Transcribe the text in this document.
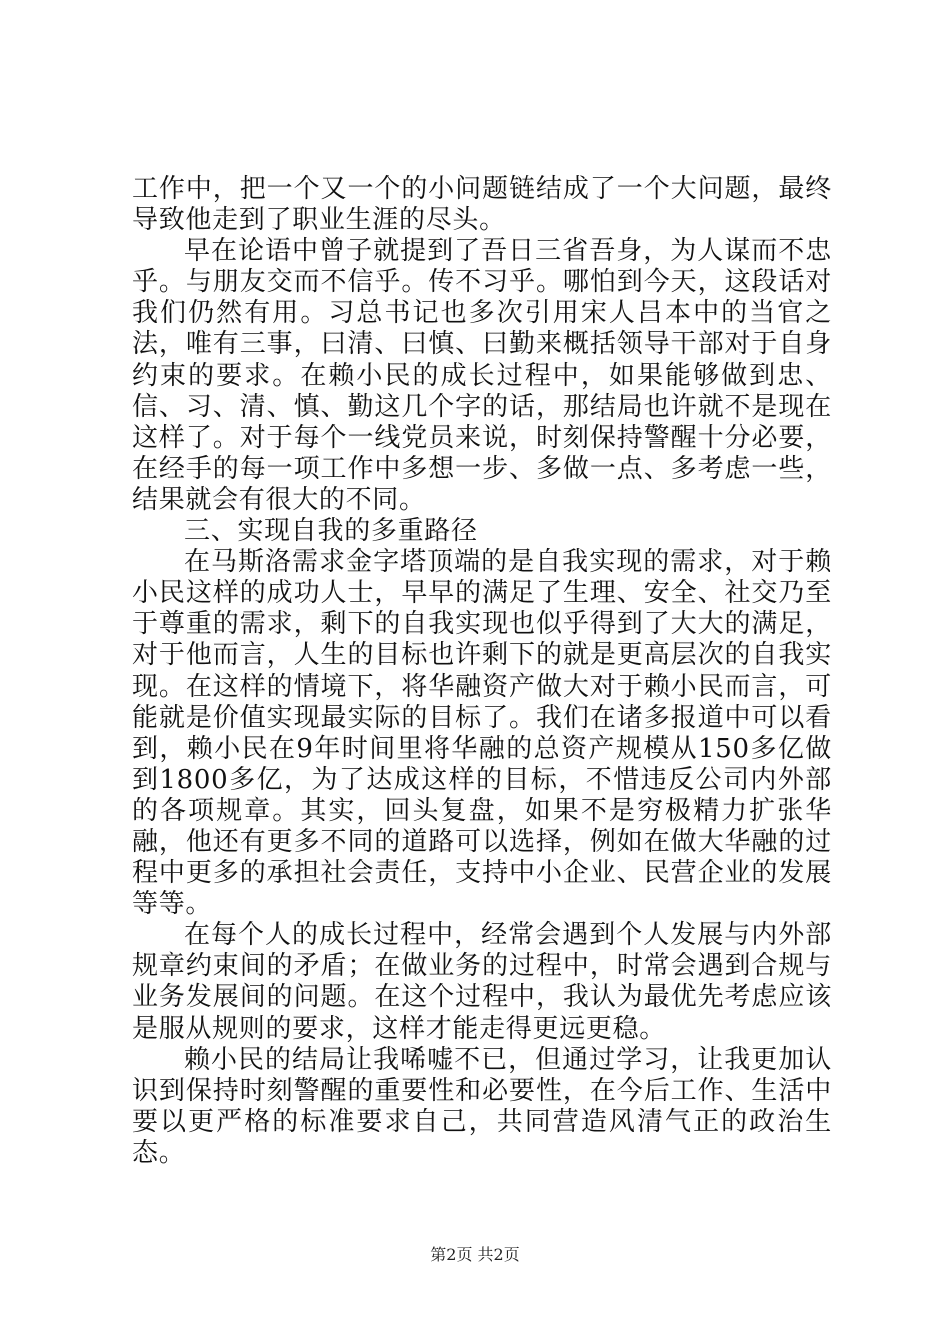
工作中，把一个又一个的小问题链结成了一个大问题，最终导致他走到了职业生涯的尽头。

早在论语中曾子就提到了吾日三省吾身，为人谋而不忠乎。与朋友交而不信乎。传不习乎。哪怕到今天，这段话对我们仍然有用。习总书记也多次引用宋人吕本中的当官之法，唯有三事，曰清、曰慎、曰勤来概括领导干部对于自身约束的要求。在赖小民的成长过程中，如果能够做到忠、信、习、清、慎、勤这几个字的话，那结局也许就不是现在这样了。对于每个一线党员来说，时刻保持警醒十分必要，在经手的每一项工作中多想一步、多做一点、多考虑一些，结果就会有很大的不同。

三、实现自我的多重路径

在马斯洛需求金字塔顶端的是自我实现的需求，对于赖小民这样的成功人士，早早的满足了生理、安全、社交乃至于尊重的需求，剩下的自我实现也似乎得到了大大的满足，对于他而言，人生的目标也许剩下的就是更高层次的自我实现。在这样的情境下，将华融资产做大对于赖小民而言，可能就是价值实现最实际的目标了。我们在诸多报道中可以看到，赖小民在9年时间里将华融的总资产规模从150多亿做到1800多亿，为了达成这样的目标，不惜违反公司内外部的各项规章。其实，回头复盘，如果不是穷极精力扩张华融，他还有更多不同的道路可以选择，例如在做大华融的过程中更多的承担社会责任，支持中小企业、民营企业的发展等等。

在每个人的成长过程中，经常会遇到个人发展与内外部规章约束间的矛盾；在做业务的过程中，时常会遇到合规与业务发展间的问题。在这个过程中，我认为最优先考虑应该是服从规则的要求，这样才能走得更远更稳。

赖小民的结局让我唏嘘不已，但通过学习，让我更加认识到保持时刻警醒的重要性和必要性，在今后工作、生活中要以更严格的标准要求自己，共同营造风清气正的政治生态。

第2页 共2页
